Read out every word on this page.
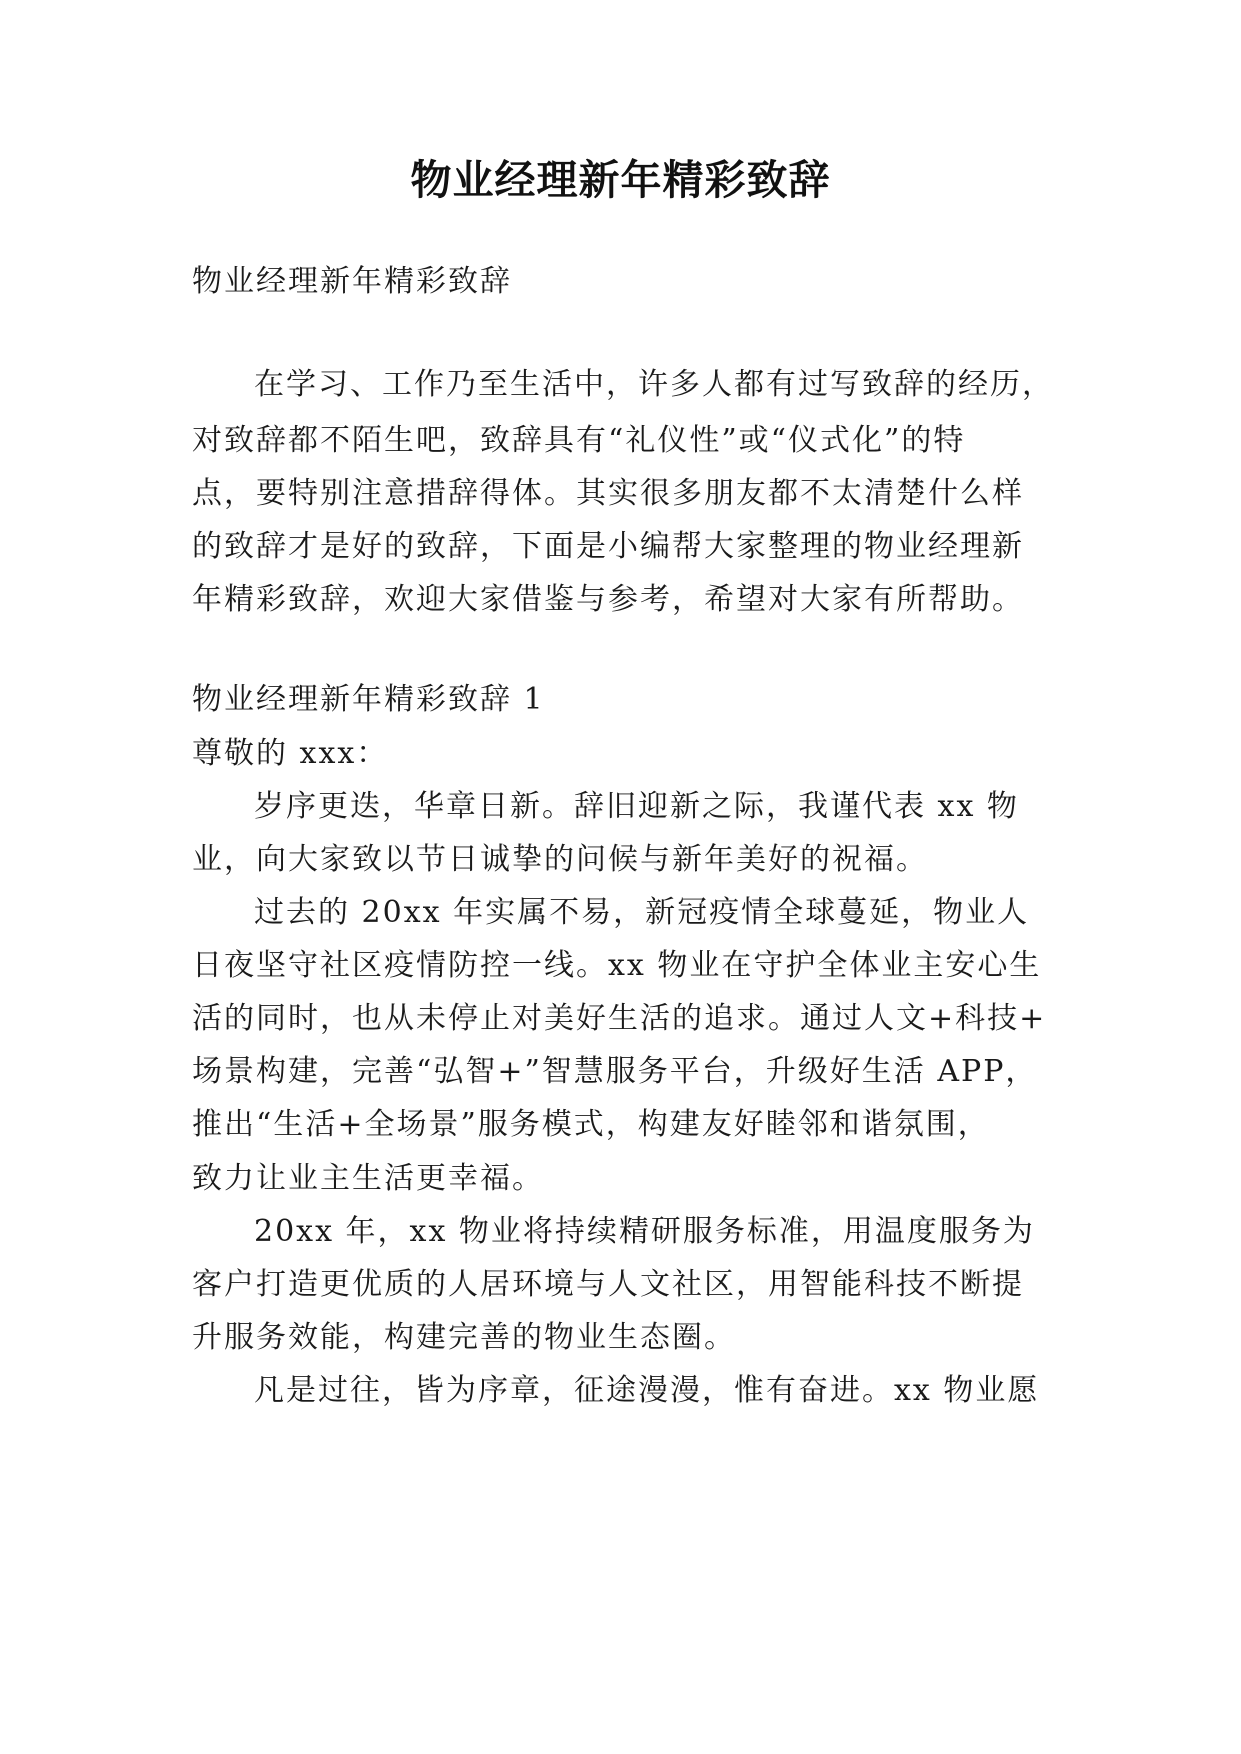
物业经理新年精彩致辞
物业经理新年精彩致辞
在学习、工作乃至生活中，许多人都有过写致辞的经历，
对致辞都不陌生吧，致辞具有“礼仪性”或“仪式化”的特
点，要特别注意措辞得体。其实很多朋友都不太清楚什么样
的致辞才是好的致辞，下面是小编帮大家整理的物业经理新
年精彩致辞，欢迎大家借鉴与参考，希望对大家有所帮助。
物业经理新年精彩致辞 1
尊敬的 xxx：
岁序更迭，华章日新。辞旧迎新之际，我谨代表 xx 物
业，向大家致以节日诚挚的问候与新年美好的祝福。
过去的 20xx 年实属不易，新冠疫情全球蔓延，物业人
日夜坚守社区疫情防控一线。xx 物业在守护全体业主安心生
活的同时，也从未停止对美好生活的追求。通过人文+科技+
场景构建，完善“弘智+”智慧服务平台，升级好生活 APP，
推出“生活+全场景”服务模式，构建友好睦邻和谐氛围，
致力让业主生活更幸福。
20xx 年，xx 物业将持续精研服务标准，用温度服务为
客户打造更优质的人居环境与人文社区，用智能科技不断提
升服务效能，构建完善的物业生态圈。
凡是过往，皆为序章，征途漫漫，惟有奋进。xx 物业愿
